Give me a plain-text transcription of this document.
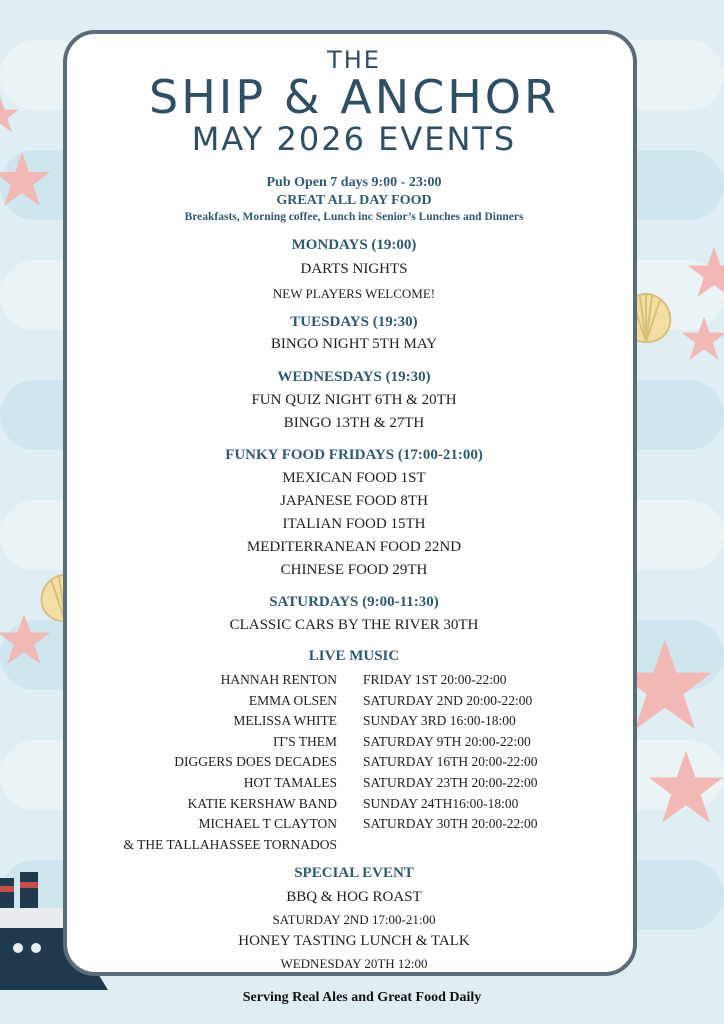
THE
SHIP & ANCHOR
MAY 2026 EVENTS
Pub Open 7 days 9:00 - 23:00
GREAT ALL DAY FOOD
Breakfasts, Morning coffee, Lunch inc Senior’s Lunches and Dinners
MONDAYS (19:00)
DARTS NIGHTS
NEW PLAYERS WELCOME!
TUESDAYS (19:30)
BINGO NIGHT 5TH MAY
WEDNESDAYS (19:30)
FUN QUIZ NIGHT 6TH & 20TH
BINGO 13TH & 27TH
FUNKY FOOD FRIDAYS (17:00-21:00)
MEXICAN FOOD 1ST
JAPANESE FOOD 8TH
ITALIAN FOOD 15TH
MEDITERRANEAN FOOD 22ND
CHINESE FOOD 29TH
SATURDAYS (9:00-11:30)
CLASSIC CARS BY THE RIVER 30TH
LIVE MUSIC
HANNAH RENTON
EMMA OLSEN
MELISSA WHITE
IT'S THEM
DIGGERS DOES DECADES
HOT TAMALES
KATIE KERSHAW BAND
MICHAEL T CLAYTON
& THE TALLAHASSEE TORNADOS
FRIDAY 1ST 20:00-22:00
SATURDAY 2ND 20:00-22:00
SUNDAY 3RD 16:00-18:00
SATURDAY 9TH 20:00-22:00
SATURDAY 16TH 20:00-22:00
SATURDAY 23TH 20:00-22:00
SUNDAY 24TH16:00-18:00
SATURDAY 30TH 20:00-22:00
SPECIAL EVENT
BBQ & HOG ROAST
SATURDAY 2ND 17:00-21:00
HONEY TASTING LUNCH & TALK
WEDNESDAY 20TH 12:00
Serving Real Ales and Great Food Daily
